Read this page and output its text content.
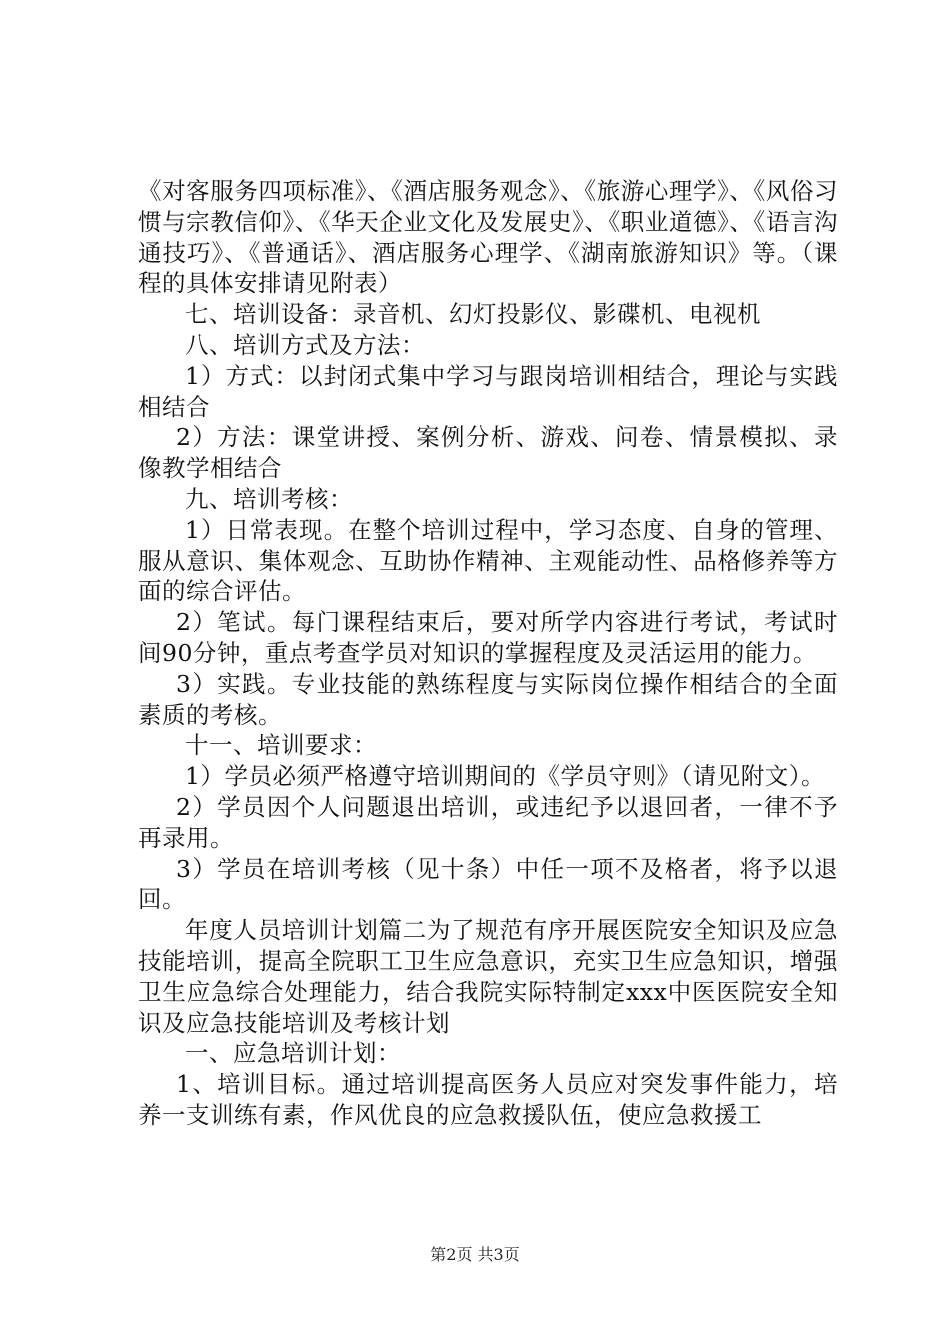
《对客服务四项标准》、《酒店服务观念》、《旅游心理学》、《风俗习惯与宗教信仰》、《华天企业文化及发展史》、《职业道德》、《语言沟通技巧》、《普通话》、酒店服务心理学、《湖南旅游知识》等。（课程的具体安排请见附表）

七、培训设备：录音机、幻灯投影仪、影碟机、电视机

八、培训方式及方法：

1）方式：以封闭式集中学习与跟岗培训相结合，理论与实践相结合

2）方法：课堂讲授、案例分析、游戏、问卷、情景模拟、录像教学相结合

九、培训考核：

1）日常表现。在整个培训过程中，学习态度、自身的管理、服从意识、集体观念、互助协作精神、主观能动性、品格修养等方面的综合评估。

2）笔试。每门课程结束后，要对所学内容进行考试，考试时间90分钟，重点考查学员对知识的掌握程度及灵活运用的能力。

3）实践。专业技能的熟练程度与实际岗位操作相结合的全面素质的考核。

十一、培训要求：

1）学员必须严格遵守培训期间的《学员守则》（请见附文）。

2）学员因个人问题退出培训，或违纪予以退回者，一律不予再录用。

3）学员在培训考核（见十条）中任一项不及格者，将予以退回。

年度人员培训计划篇二为了规范有序开展医院安全知识及应急技能培训，提高全院职工卫生应急意识，充实卫生应急知识，增强卫生应急综合处理能力，结合我院实际特制定xxx中医医院安全知识及应急技能培训及考核计划

一、应急培训计划：

1、培训目标。通过培训提高医务人员应对突发事件能力，培养一支训练有素，作风优良的应急救援队伍，使应急救援工

第2页 共3页
